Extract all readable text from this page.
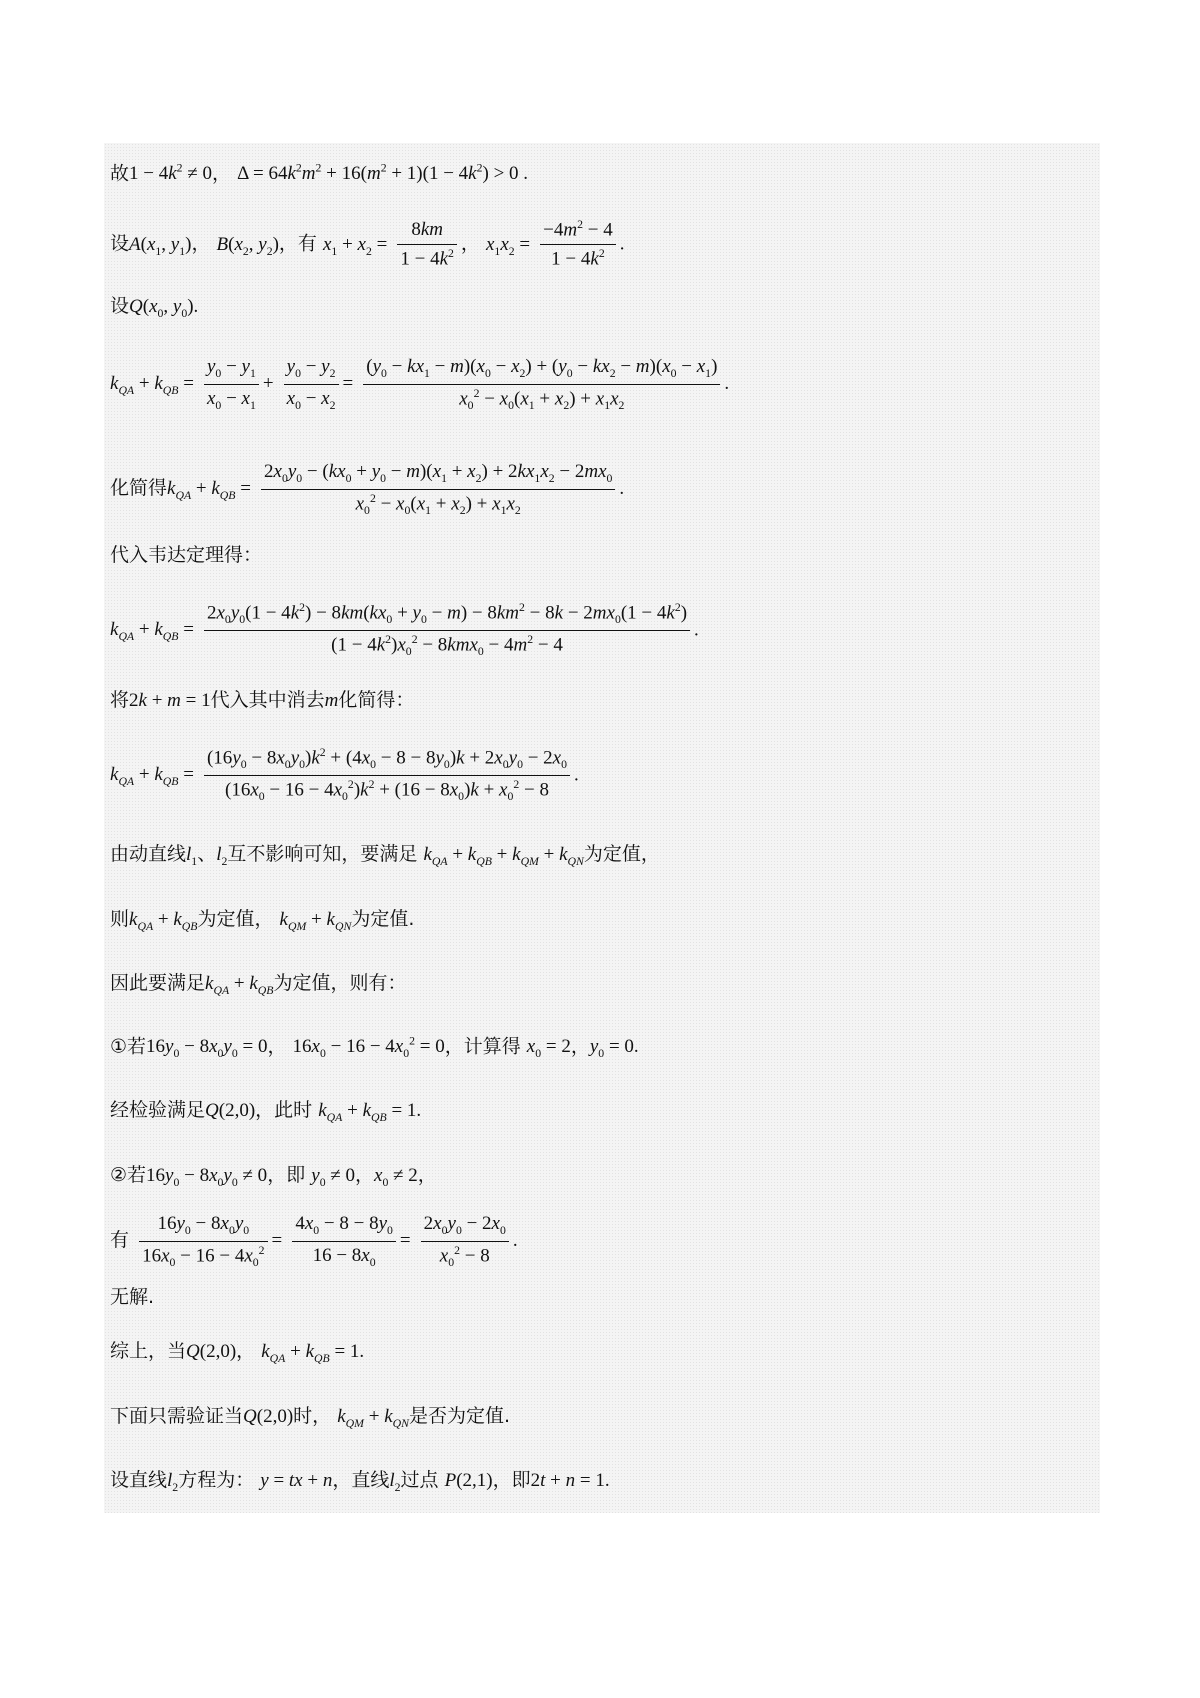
故$1 - 4k^2 \ne 0$， $\Delta = 64k^2m^2 + 16(m^2 + 1)(1 - 4k^2) > 0$ .
设$A(x_1$, $y_1$)， $B(x_2$, $y_2$)，有 $x_1 + x_2 = \frac{8km}{1 - 4k^2}$ ， $x_1x_2 = \frac{-4m^2 - 4}{1 - 4k^2}$ .
设$Q(x_0$, $y_0$).
$k_{QA} + k_{QB} = \frac{y_0 - y_1}{x_0 - x_1} + \frac{y_0 - y_2}{x_0 - x_2} = \frac{(y_0 - kx_1 - m)(x_0 - x_2) + (y_0 - kx_2 - m)(x_0 - x_1)}{x_0^2 - x_0(x_1 + x_2) + x_1x_2}$ .
化简得$k_{QA} + k_{QB} = \frac{2x_0y_0 - (kx_0 + y_0 - m)(x_1 + x_2) + 2kx_1x_2 - 2mx_0}{x_0^2 - x_0(x_1 + x_2) + x_1x_2}$ .
代入韦达定理得：
$k_{QA} + k_{QB}$ =
$2x_0y_0(1 - 4k^2) - 8km(kx_0 + y_0 - m) - 8km^2 - 8k - 2mx_0(1 - 4k^2)$
$(1 - 4k^2)x_0^2 - 8kmx_0 - 4m^2 - 4$
.
将2k + m = 1代入其中消去m化简得：
$k_{QA} + k_{QB} = \frac{(16y_0 - 8x_0y_0)k^2 + (4x_0 - 8 - 8y_0)k + 2x_0y_0 - 2x_0}{(16x_0 - 16 - 4x_0^2)k^2 + (16 - 8x_0)k + x_0^2 - 8}$ .
由动直线$l_1$、$l_2$互不影响可知，要满足 $k_{QA} + k_{QB} + k_{QM} + k_{QN}$为定值，
则$k_{QA} + k_{QB}$为定值， $k_{QM} + k_{QN}$为定值.
因此要满足$k_{QA} + k_{QB}$为定值，则有：
①若$16y_0 - 8x_0y_0 = 0$， $16x_0 - 16 - 4x_0^2 = 0$，计算得 $x_0 = 2$，$y_0 = 0$.
经检验满足Q(2,0)，此时 $k_{QA} + k_{QB} = 1$.
②若$16y_0 - 8x_0y_0 \ne 0$，即 $y_0 \ne 0$，$x_0 \ne 2$，
有 $\frac{16y_0 - 8x_0y_0}{16x_0 - 16 - 4x_0^2} = \frac{4x_0 - 8 - 8y_0}{16 - 8x_0} = \frac{2x_0y_0 - 2x_0}{x_0^2 - 8}$ .
无解.
综上，当Q(2,0)， $k_{QA} + k_{QB} = 1$.
下面只需验证当Q(2,0)时， $k_{QM} + k_{QN}$是否为定值.
设直线$l_2$方程为： y = tx + n，直线$l_2$过点 P(2,1)，即2t + n = 1.
